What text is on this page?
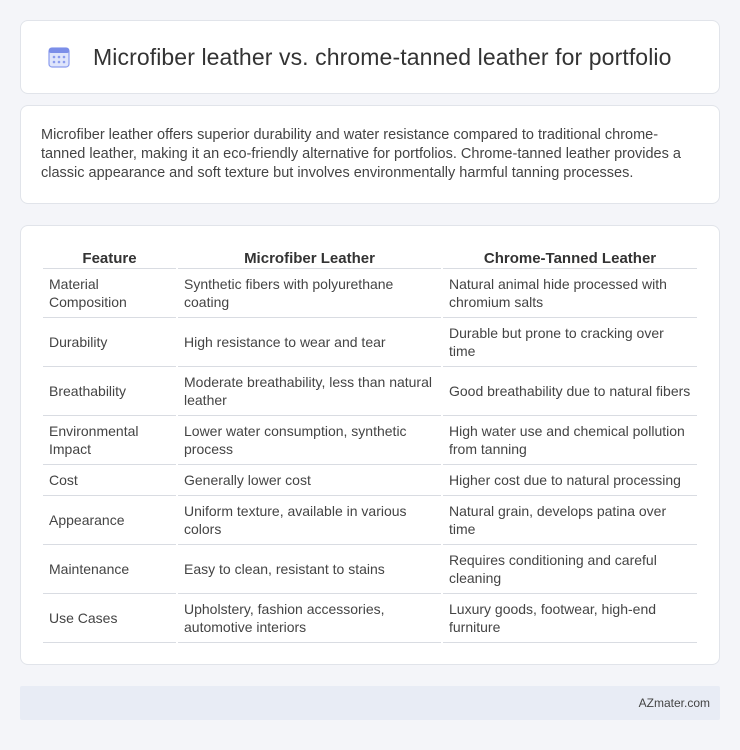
Microfiber leather vs. chrome-tanned leather for portfolio

Microfiber leather offers superior durability and water resistance compared to traditional chrome-tanned leather, making it an eco-friendly alternative for portfolios. Chrome-tanned leather provides a classic appearance and soft texture but involves environmentally harmful tanning processes.

Feature	Microfiber Leather	Chrome-Tanned Leather
Material Composition	Synthetic fibers with polyurethane coating	Natural animal hide processed with chromium salts
Durability	High resistance to wear and tear	Durable but prone to cracking over time
Breathability	Moderate breathability, less than natural leather	Good breathability due to natural fibers
Environmental Impact	Lower water consumption, synthetic process	High water use and chemical pollution from tanning
Cost	Generally lower cost	Higher cost due to natural processing
Appearance	Uniform texture, available in various colors	Natural grain, develops patina over time
Maintenance	Easy to clean, resistant to stains	Requires conditioning and careful cleaning
Use Cases	Upholstery, fashion accessories, automotive interiors	Luxury goods, footwear, high-end furniture
AZmater.com
